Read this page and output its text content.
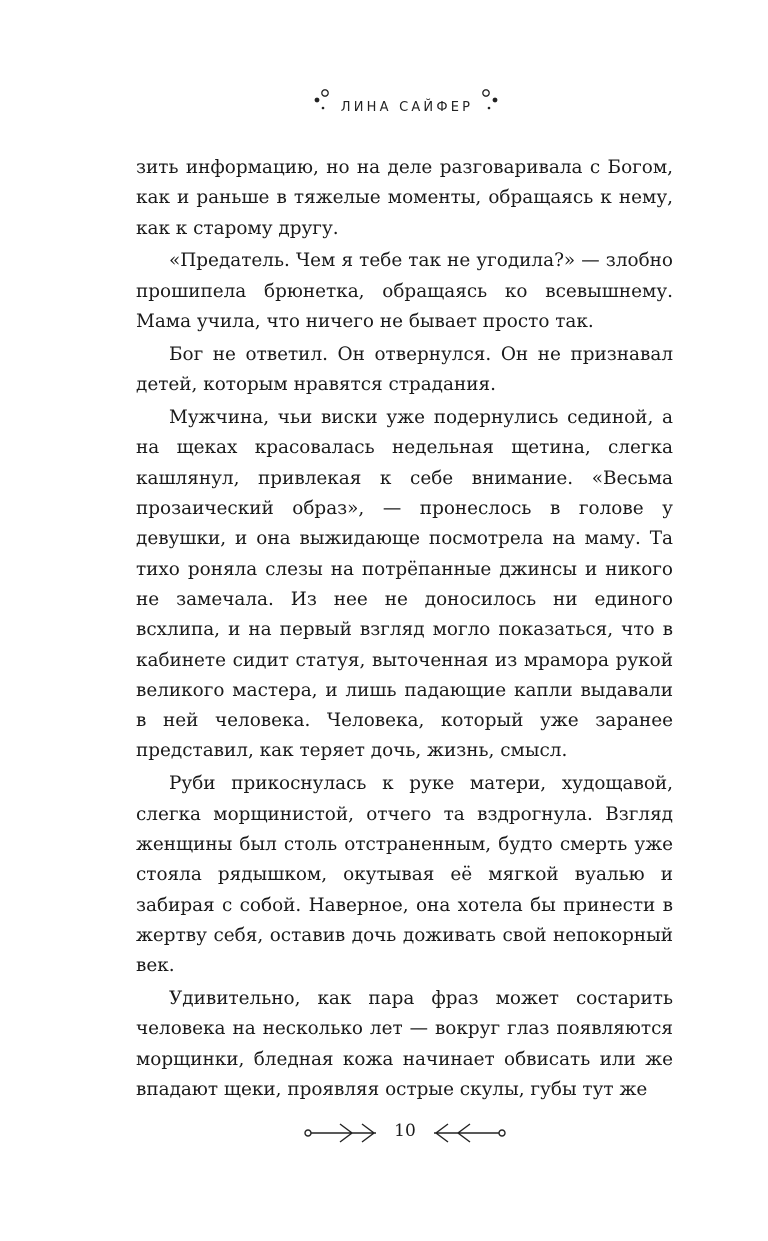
ЛИНА САЙФЕР

зить информацию, но на деле разговаривала с Богом, как и раньше в тяжелые моменты, обращаясь к нему, как к старому другу.

«Предатель. Чем я тебе так не угодила?» — злобно прошипела брюнетка, обращаясь ко всевышнему. Мама учила, что ничего не бывает просто так.

Бог не ответил. Он отвернулся. Он не признавал детей, которым нравятся страдания.

Мужчина, чьи виски уже подернулись сединой, а на щеках красовалась недельная щетина, слегка кашлянул, привлекая к себе внимание. «Весьма прозаический образ», — пронеслось в голове у девушки, и она выжидающе посмотрела на маму. Та тихо роняла слезы на потрёпанные джинсы и никого не замечала. Из нее не доносилось ни единого всхлипа, и на первый взгляд могло показаться, что в кабинете сидит статуя, выточенная из мрамора рукой великого мастера, и лишь падающие капли выдавали в ней человека. Человека, который уже заранее представил, как теряет дочь, жизнь, смысл.

Руби прикоснулась к руке матери, худощавой, слегка морщинистой, отчего та вздрогнула. Взгляд женщины был столь отстраненным, будто смерть уже стояла рядышком, окутывая её мягкой вуалью и забирая с собой. Наверное, она хотела бы принести в жертву себя, оставив дочь доживать свой непокорный век.

Удивительно, как пара фраз может состарить человека на несколько лет — вокруг глаз появляются морщинки, бледная кожа начинает обвисать или же впадают щеки, проявляя острые скулы, губы тут же

10
